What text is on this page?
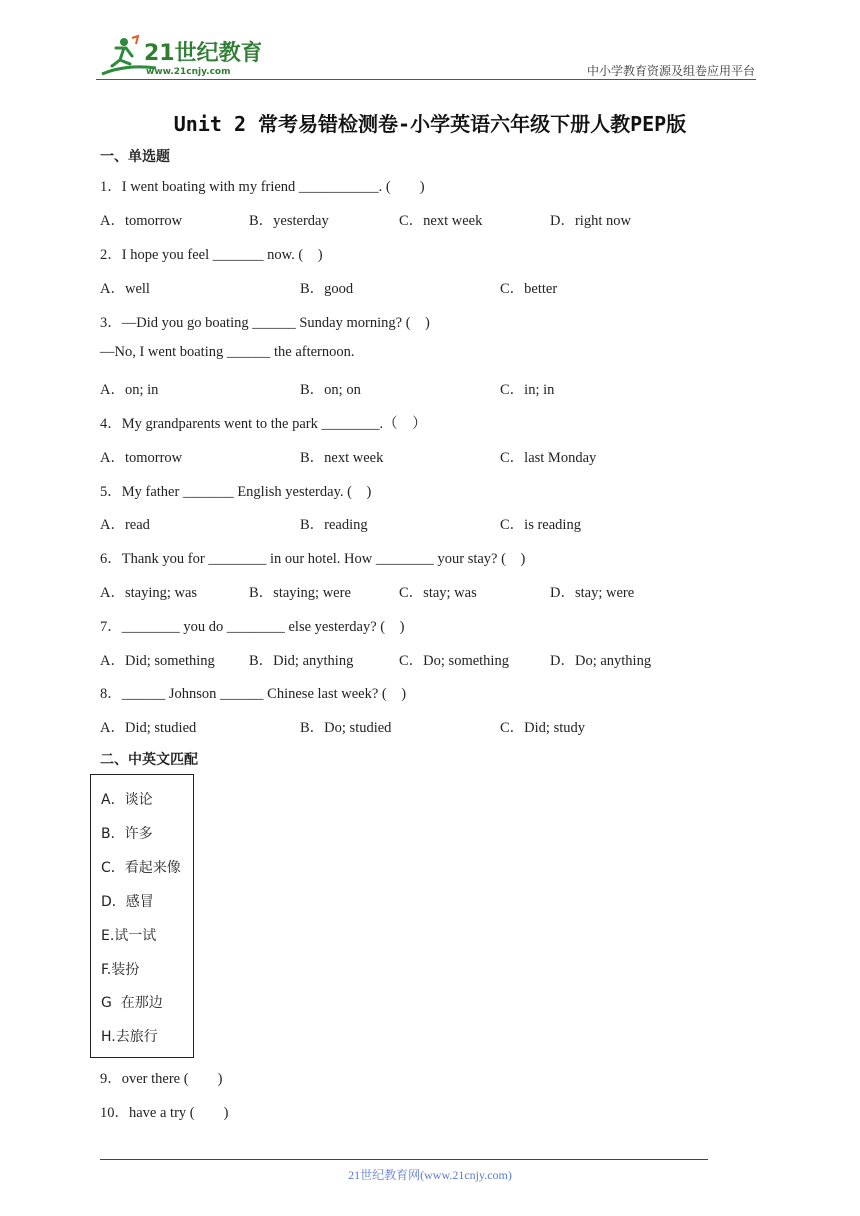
21世纪教育
www.21cnjy.com	中小学教育资源及组卷应用平台
Unit 2 常考易错检测卷-小学英语六年级下册人教PEP版
一、单选题
1．I went boating with my friend ___________. (　　)
A．tomorrow	B．yesterday	C．next week	D．right now
2．I hope you feel _______ now. (　)
A．well	B．good	C．better
3．—Did you go boating ______ Sunday morning? (　)
—No, I went boating ______ the afternoon.
A．on; in	B．on; on	C．in; in
4．My grandparents went to the park ________.（　）
A．tomorrow	B．next week	C．last Monday
5．My father _______ English yesterday. (　)
A．read	B．reading	C．is reading
6．Thank you for ________ in our hotel. How ________ your stay? (　)
A．staying; was	B．staying; were	C．stay; was	D．stay; were
7．________ you do ________ else yesterday? (　)
A．Did; something B．Did; anything	C．Do; something	D．Do; anything
8．______ Johnson ______ Chinese last week? (　)
A．Did; studied	B．Do; studied	C．Did; study
二、中英文匹配
A．谈论
B．许多
C．看起来像
D．感冒
E.试一试
F.装扮
G  在那边
H.去旅行
9．over there (　　)
10．have a try (　　)
21世纪教育网(www.21cnjy.com)
